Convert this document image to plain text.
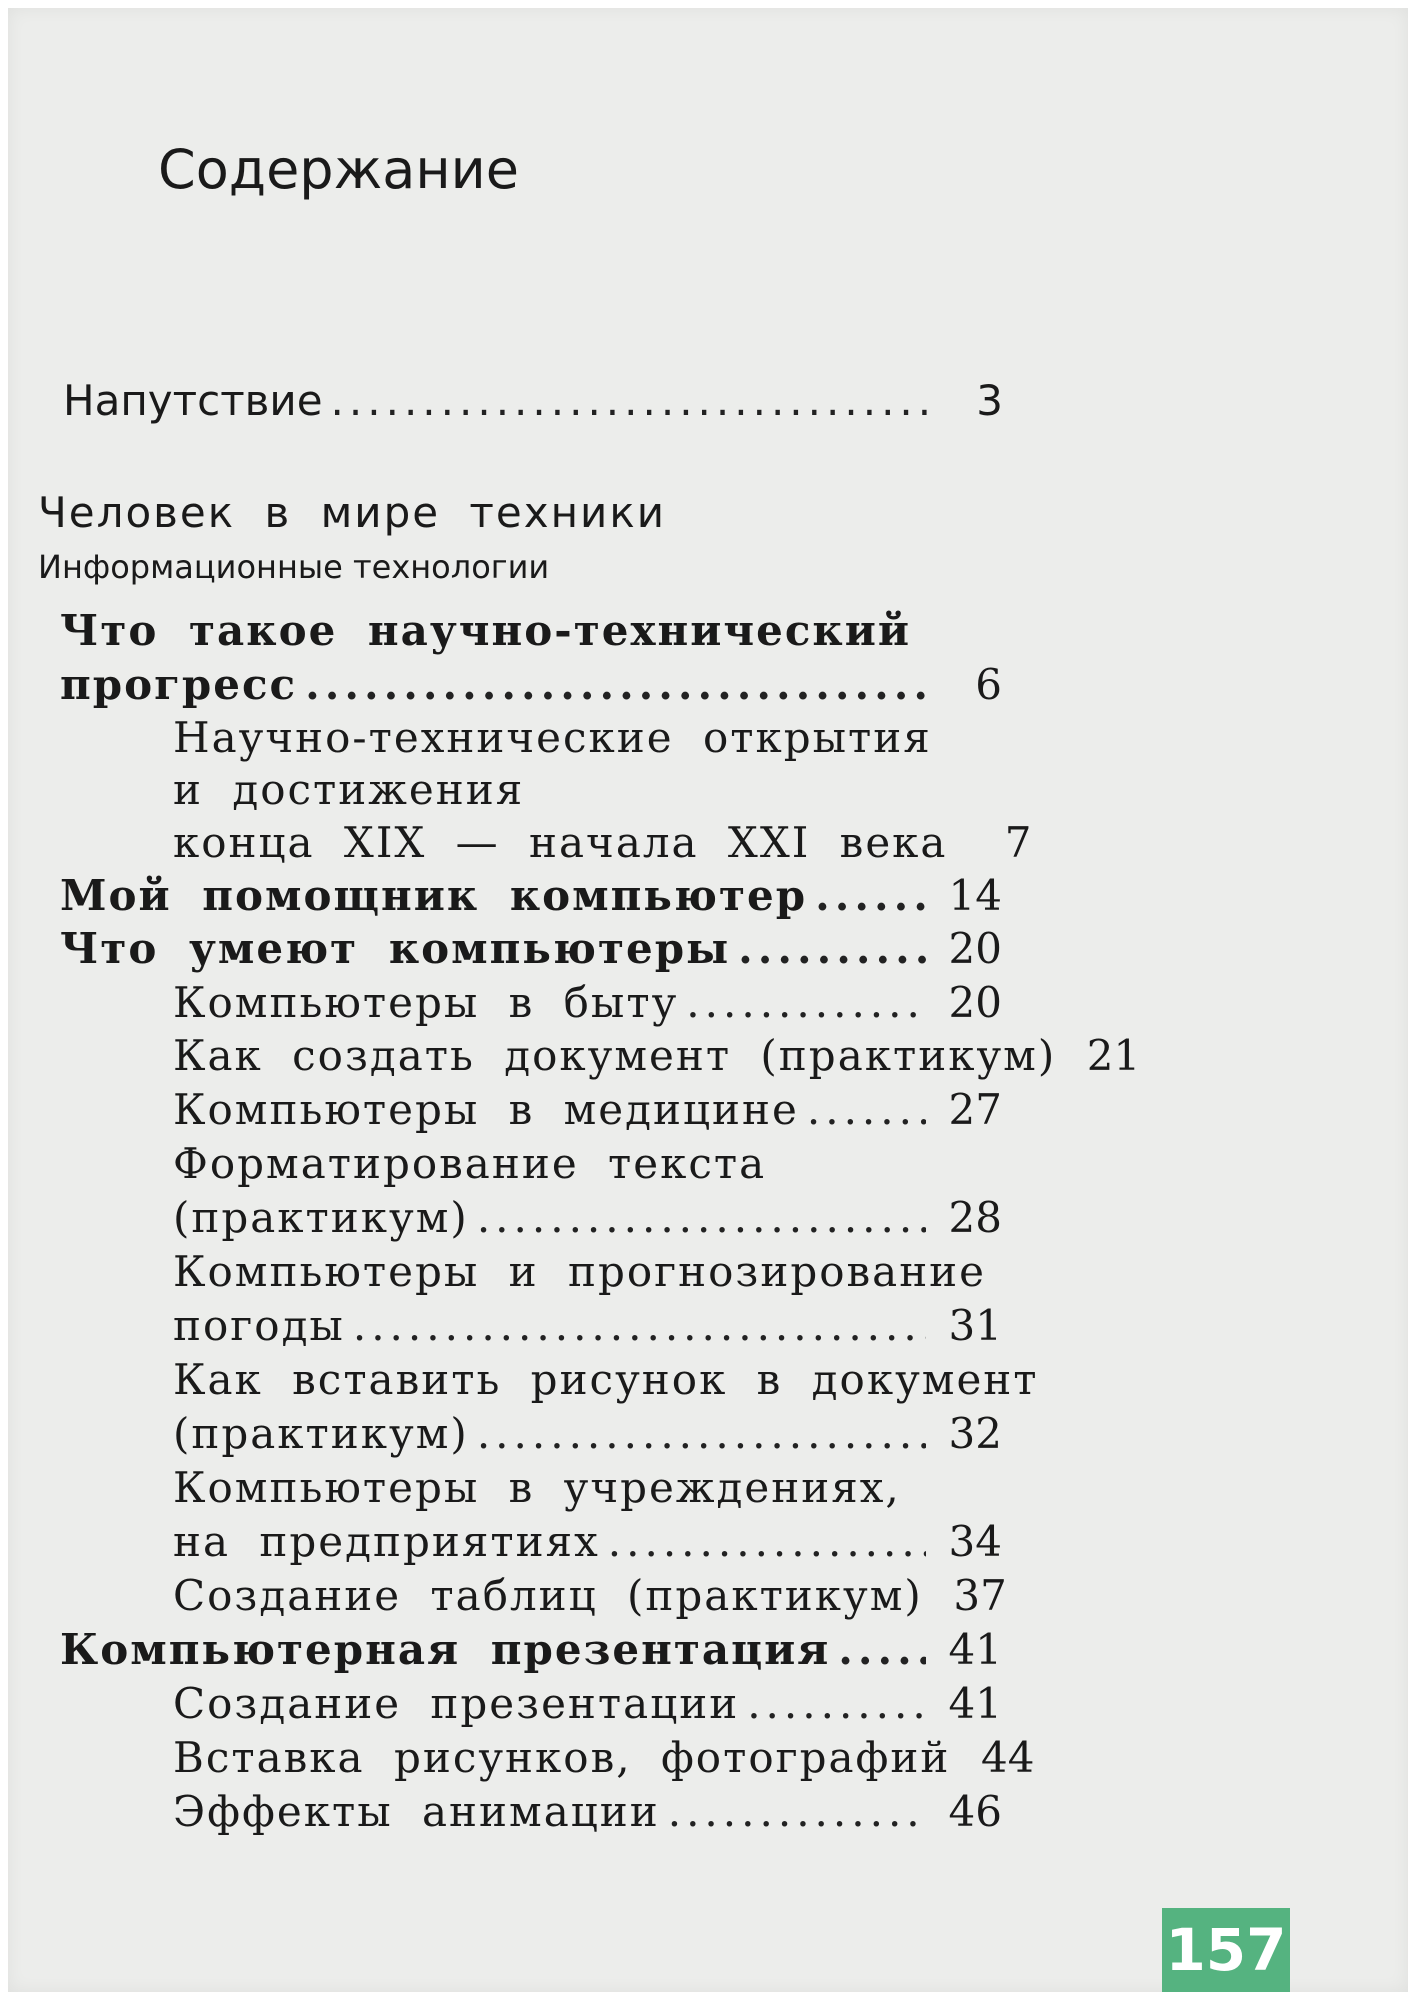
Содержание
Напутствие .....	3
Человек в мире техники
Информационные технологии
Что такое научно-технический
прогресс .....	6
Научно-технические открытия
и достижения
конца XIX — начала XXI века	7
Мой помощник компьютер .....	14
Что умеют компьютеры .....	20
Компьютеры в быту .....	20
Как создать документ (практикум) 21
Компьютеры в медицине .....	27
Форматирование текста
(практикум) .....	28
Компьютеры и прогнозирование
погоды .....	31
Как вставить рисунок в документ
(практикум) .....	32
Компьютеры в учреждениях,
на предприятиях .....	34
Создание таблиц (практикум) 37
Компьютерная презентация .....	41
Создание презентации .....	41
Вставка рисунков, фотографий 44
Эффекты анимации .....	46
157
